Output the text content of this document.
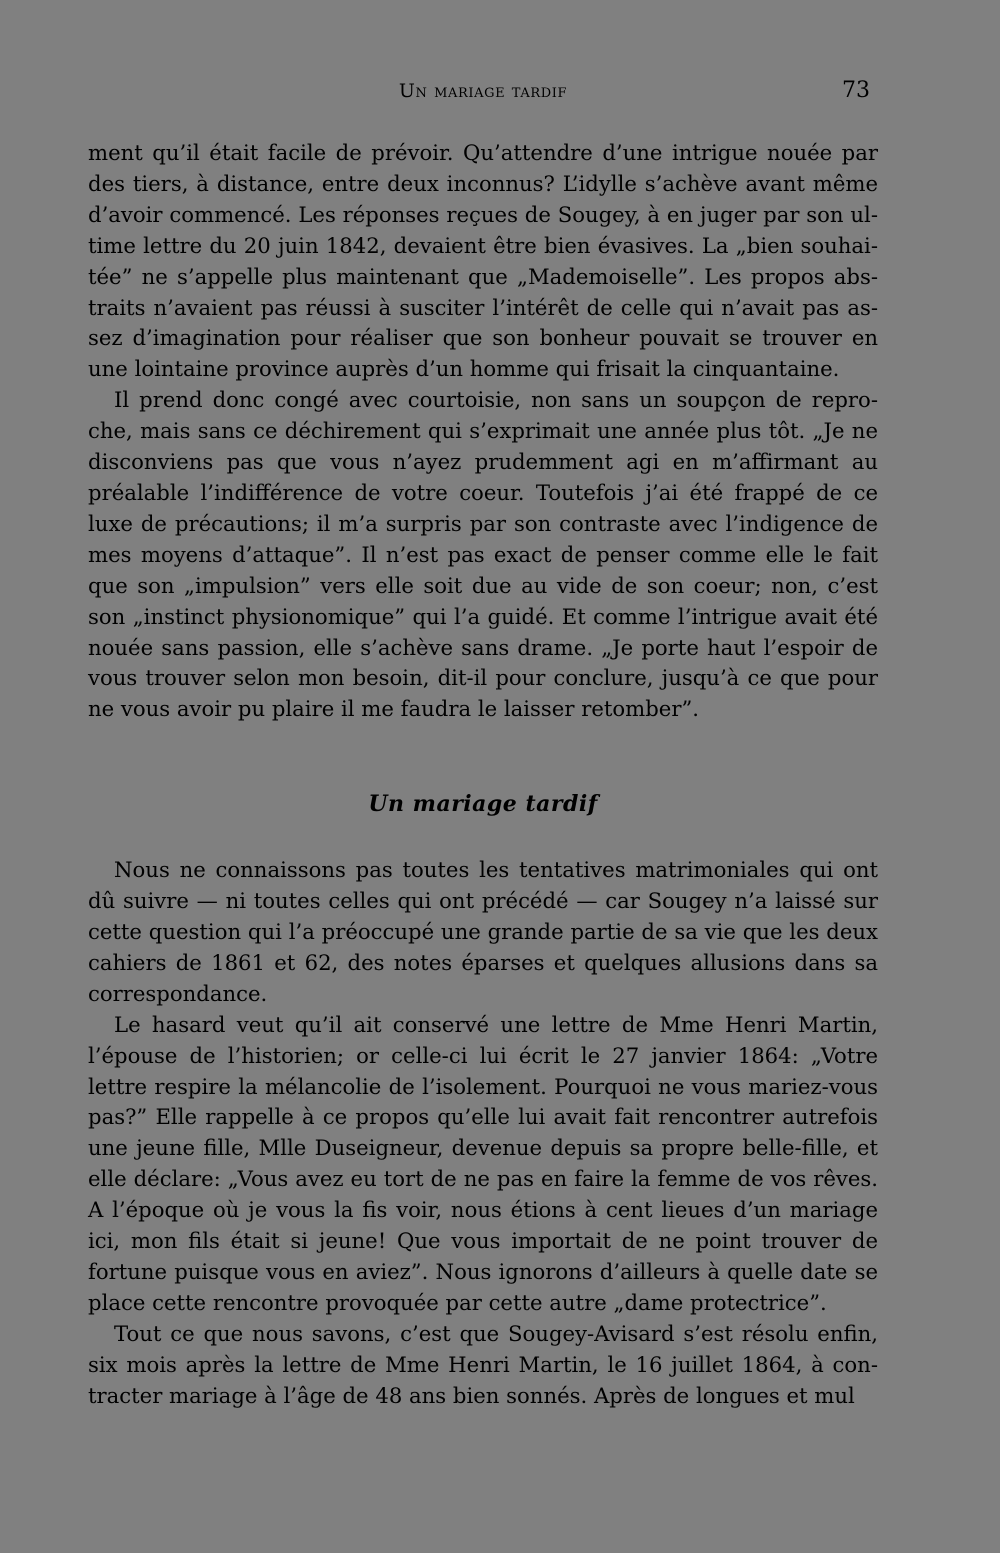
Un mariage tardif	73

ment qu’il était facile de prévoir. Qu’attendre d’une intrigue nouée par des tiers, à distance, entre deux inconnus? L’idylle s’achève avant même d’avoir commencé. Les réponses reçues de Sougey, à en juger par son ultime lettre du 20 juin 1842, devaient être bien évasives. La „bien souhaitée” ne s’appelle plus maintenant que „Mademoiselle”. Les propos abstraits n’avaient pas réussi à susciter l’intérêt de celle qui n’avait pas assez d’imagination pour réaliser que son bonheur pouvait se trouver en une lointaine province auprès d’un homme qui frisait la cinquantaine.

Il prend donc congé avec courtoisie, non sans un soupçon de reproche, mais sans ce déchirement qui s’exprimait une année plus tôt. „Je ne disconviens pas que vous n’ayez prudemment agi en m’affirmant au préalable l’indifférence de votre coeur. Toutefois j’ai été frappé de ce luxe de précautions; il m’a surpris par son contraste avec l’indigence de mes moyens d’attaque”. Il n’est pas exact de penser comme elle le fait que son „impulsion” vers elle soit due au vide de son coeur; non, c’est son „instinct physionomique” qui l’a guidé. Et comme l’intrigue avait été nouée sans passion, elle s’achève sans drame. „Je porte haut l’espoir de vous trouver selon mon besoin, dit-il pour conclure, jusqu’à ce que pour ne vous avoir pu plaire il me faudra le laisser retomber”.

Un mariage tardif

Nous ne connaissons pas toutes les tentatives matrimoniales qui ont dû suivre — ni toutes celles qui ont précédé — car Sougey n’a laissé sur cette question qui l’a préoccupé une grande partie de sa vie que les deux cahiers de 1861 et 62, des notes éparses et quelques allusions dans sa correspondance.

Le hasard veut qu’il ait conservé une lettre de Mme Henri Martin, l’épouse de l’historien; or celle-ci lui écrit le 27 janvier 1864: „Votre lettre respire la mélancolie de l’isolement. Pourquoi ne vous mariez-vous pas?” Elle rappelle à ce propos qu’elle lui avait fait rencontrer autrefois une jeune fille, Mlle Duseigneur, devenue depuis sa propre belle-fille, et elle déclare: „Vous avez eu tort de ne pas en faire la femme de vos rêves. A l’époque où je vous la fis voir, nous étions à cent lieues d’un mariage ici, mon fils était si jeune! Que vous importait de ne point trouver de fortune puisque vous en aviez”. Nous ignorons d’ailleurs à quelle date se place cette rencontre provoquée par cette autre „dame protectrice”.

Tout ce que nous savons, c’est que Sougey-Avisard s’est résolu enfin, six mois après la lettre de Mme Henri Martin, le 16 juillet 1864, à contracter mariage à l’âge de 48 ans bien sonnés. Après de longues et mul
